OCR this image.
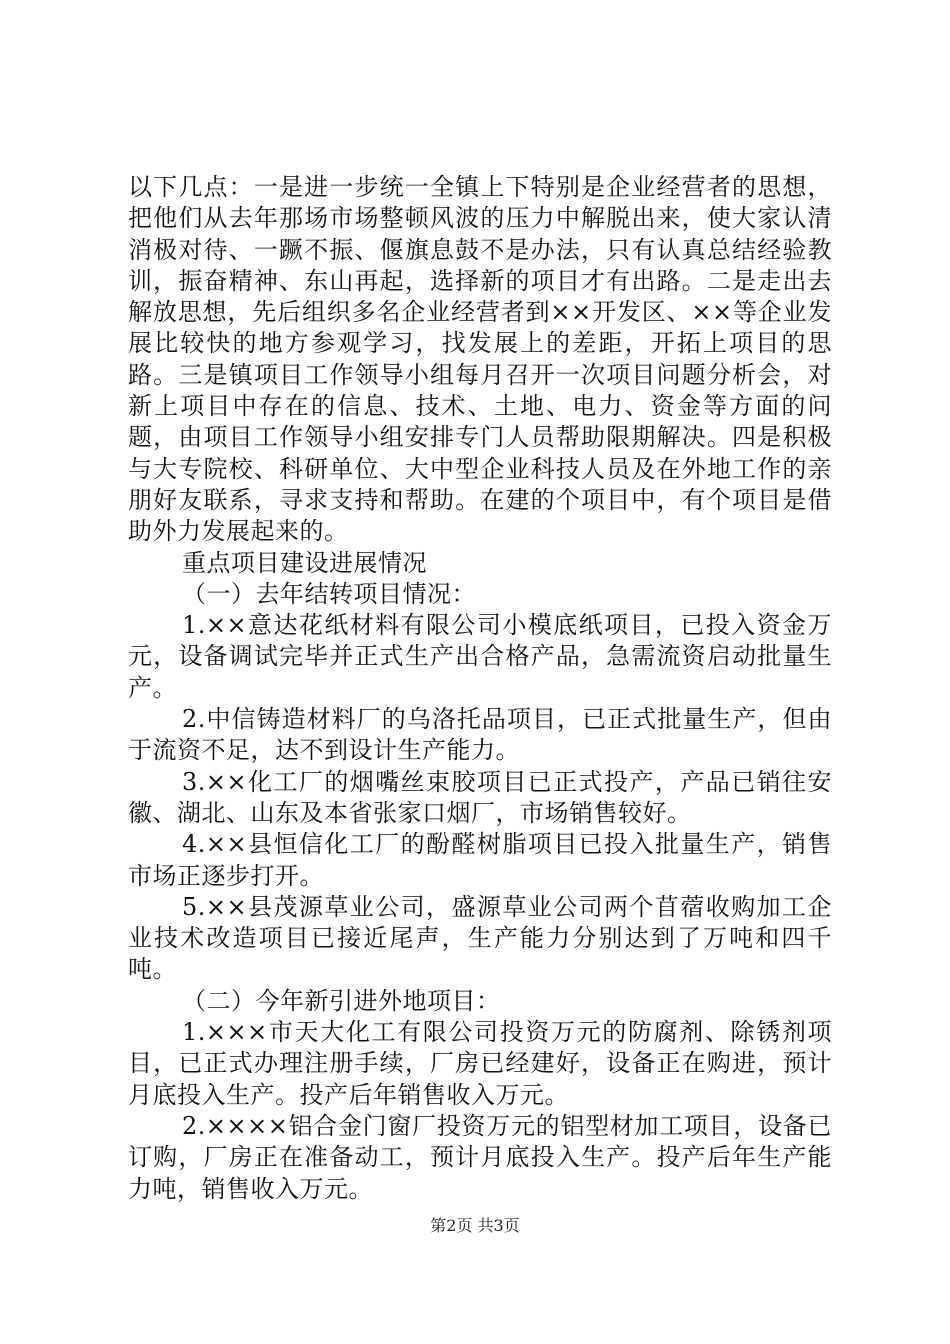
以下几点：一是进一步统一全镇上下特别是企业经营者的思想，把他们从去年那场市场整顿风波的压力中解脱出来，使大家认清消极对待、一蹶不振、偃旗息鼓不是办法，只有认真总结经验教训，振奋精神、东山再起，选择新的项目才有出路。二是走出去解放思想，先后组织多名企业经营者到××开发区、××等企业发展比较快的地方参观学习，找发展上的差距，开拓上项目的思路。三是镇项目工作领导小组每月召开一次项目问题分析会，对新上项目中存在的信息、技术、土地、电力、资金等方面的问题，由项目工作领导小组安排专门人员帮助限期解决。四是积极与大专院校、科研单位、大中型企业科技人员及在外地工作的亲朋好友联系，寻求支持和帮助。在建的个项目中，有个项目是借助外力发展起来的。

重点项目建设进展情况

（一）去年结转项目情况：

1.××意达花纸材料有限公司小模底纸项目，已投入资金万元，设备调试完毕并正式生产出合格产品，急需流资启动批量生产。

2.中信铸造材料厂的乌洛托品项目，已正式批量生产，但由于流资不足，达不到设计生产能力。

3.××化工厂的烟嘴丝束胶项目已正式投产，产品已销往安徽、湖北、山东及本省张家口烟厂，市场销售较好。

4.××县恒信化工厂的酚醛树脂项目已投入批量生产，销售市场正逐步打开。

5.××县茂源草业公司，盛源草业公司两个苜蓿收购加工企业技术改造项目已接近尾声，生产能力分别达到了万吨和四千吨。

（二）今年新引进外地项目：

1.×××市天大化工有限公司投资万元的防腐剂、除锈剂项目，已正式办理注册手续，厂房已经建好，设备正在购进，预计月底投入生产。投产后年销售收入万元。

2.××××铝合金门窗厂投资万元的铝型材加工项目，设备已订购，厂房正在准备动工，预计月底投入生产。投产后年生产能力吨，销售收入万元。

第2页 共3页
